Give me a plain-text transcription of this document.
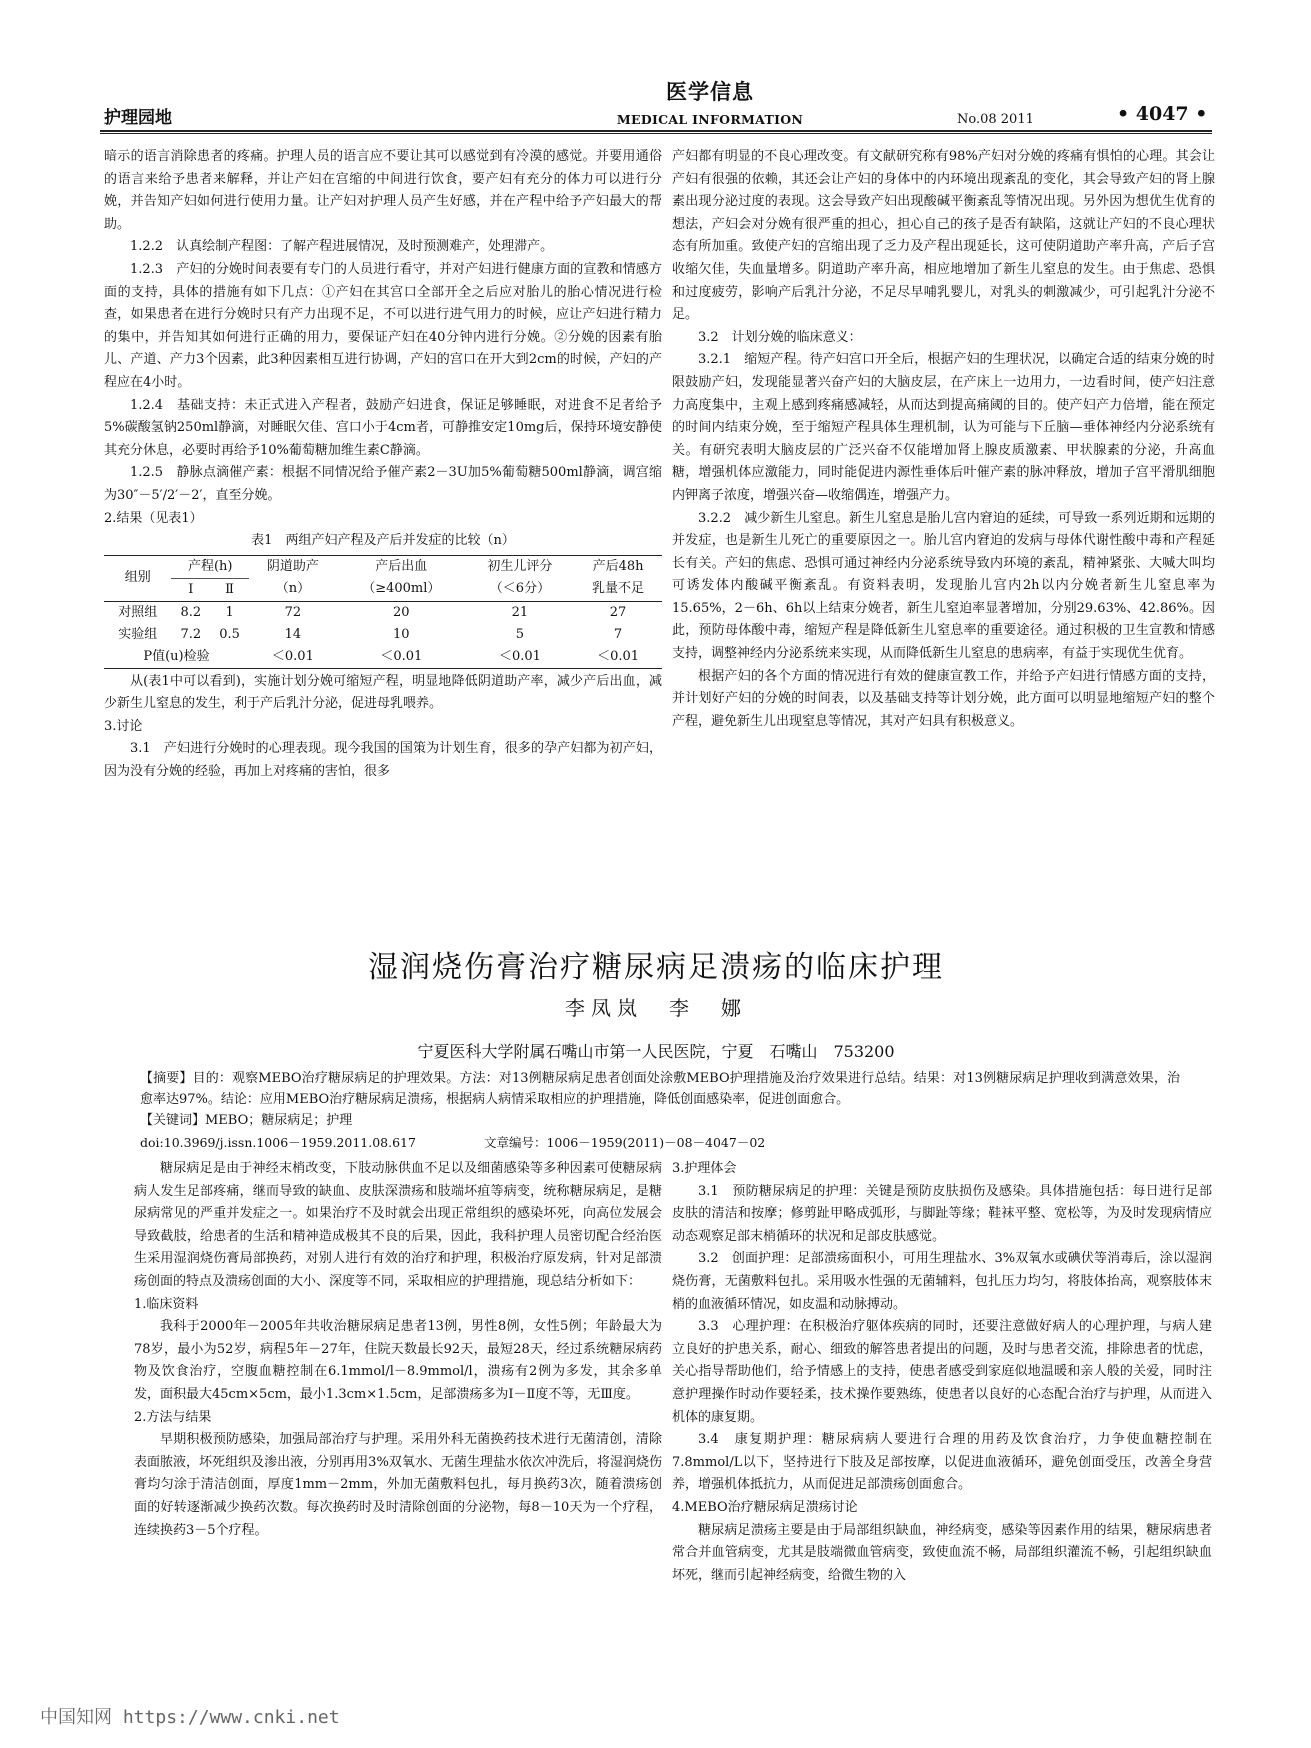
医学信息
MEDICAL INFORMATION
护理园地	No.08 2011	• 4047 •

暗示的语言消除患者的疼痛。护理人员的语言应不要让其可以感觉到有冷漠的感觉。并要用通俗的语言来给予患者来解释，并让产妇在宫缩的中间进行饮食，要产妇有充分的体力可以进行分娩，并告知产妇如何进行使用力量。让产妇对护理人员产生好感，并在产程中给予产妇最大的帮助。

1.2.2　认真绘制产程图：了解产程进展情况，及时预测难产，处理滞产。

1.2.3　产妇的分娩时间表要有专门的人员进行看守，并对产妇进行健康方面的宣教和情感方面的支持，具体的措施有如下几点：①产妇在其宫口全部开全之后应对胎儿的胎心情况进行检查，如果患者在进行分娩时只有产力出现不足，不可以进行进气用力的时候，应让产妇进行精力的集中，并告知其如何进行正确的用力，要保证产妇在40分钟内进行分娩。②分娩的因素有胎儿、产道、产力3个因素，此3种因素相互进行协调，产妇的宫口在开大到2cm的时候，产妇的产程应在4小时。

1.2.4　基础支持：未正式进入产程者，鼓励产妇进食，保证足够睡眠，对进食不足者给予5%碳酸氢钠250ml静滴，对睡眠欠佳、宫口小于4cm者，可静推安定10mg后，保持环境安静使其充分休息，必要时再给予10%葡萄糖加维生素C静滴。

1.2.5　静脉点滴催产素：根据不同情况给予催产素2－3U加5%葡萄糖500ml静滴，调宫缩为30″－5′/2′－2′，直至分娩。

2.结果（见表1）

表1　两组产妇产程及产后并发症的比较（n）
组别	产程(h)		阴道助产	产后出血	初生儿评分	产后48h
	Ⅰ	Ⅱ	（n）	（≥400ml）	（＜6分）	乳量不足
对照组	8.2	1	72	20	21	27
实验组	7.2	0.5	14	10	5	7
P值(u)检验			＜0.01	＜0.01	＜0.01	＜0.01

从(表1中可以看到)，实施计划分娩可缩短产程，明显地降低阴道助产率，减少产后出血，减少新生儿窒息的发生，利于产后乳汁分泌，促进母乳喂养。

3.讨论

3.1　产妇进行分娩时的心理表现。现今我国的国策为计划生育，很多的孕产妇都为初产妇，因为没有分娩的经验，再加上对疼痛的害怕，很多

产妇都有明显的不良心理改变。有文献研究称有98%产妇对分娩的疼痛有惧怕的心理。其会让产妇有很强的依赖，其还会让产妇的身体中的内环境出现紊乱的变化，其会导致产妇的肾上腺素出现分泌过度的表现。这会导致产妇出现酸碱平衡紊乱等情况出现。另外因为想优生优育的想法，产妇会对分娩有很严重的担心，担心自己的孩子是否有缺陷，这就让产妇的不良心理状态有所加重。致使产妇的宫缩出现了乏力及产程出现延长，这可使阴道助产率升高，产后子宫收缩欠佳，失血量增多。阴道助产率升高，相应地增加了新生儿窒息的发生。由于焦虑、恐惧和过度疲劳，影响产后乳汁分泌，不足尽早哺乳婴儿，对乳头的刺激减少，可引起乳汁分泌不足。

3.2　计划分娩的临床意义：

3.2.1　缩短产程。待产妇宫口开全后，根据产妇的生理状况，以确定合适的结束分娩的时限鼓励产妇，发现能显著兴奋产妇的大脑皮层，在产床上一边用力，一边看时间，使产妇注意力高度集中，主观上感到疼痛感减轻，从而达到提高痛阈的目的。使产妇产力倍增，能在预定的时间内结束分娩，至于缩短产程具体生理机制，认为可能与下丘脑—垂体神经内分泌系统有关。有研究表明大脑皮层的广泛兴奋不仅能增加肾上腺皮质激素、甲状腺素的分泌，升高血糖，增强机体应激能力，同时能促进内源性垂体后叶催产素的脉冲释放，增加子宫平滑肌细胞内钾离子浓度，增强兴奋—收缩偶连，增强产力。

3.2.2　减少新生儿窒息。新生儿窒息是胎儿宫内窘迫的延续，可导致一系列近期和远期的并发症，也是新生儿死亡的重要原因之一。胎儿宫内窘迫的发病与母体代谢性酸中毒和产程延长有关。产妇的焦虑、恐惧可通过神经内分泌系统导致内环境的紊乱，精神紧张、大喊大叫均可诱发体内酸碱平衡紊乱。有资料表明，发现胎儿宫内2h以内分娩者新生儿窒息率为15.65%，2－6h、6h以上结束分娩者，新生儿窒迫率显著增加，分别29.63%、42.86%。因此，预防母体酸中毒，缩短产程是降低新生儿窒息率的重要途径。通过积极的卫生宣教和情感支持，调整神经内分泌系统来实现，从而降低新生儿窒息的患病率，有益于实现优生优育。

根据产妇的各个方面的情况进行有效的健康宣教工作，并给予产妇进行情感方面的支持，并计划好产妇的分娩的时间表，以及基础支持等计划分娩，此方面可以明显地缩短产妇的整个产程，避免新生儿出现窒息等情况，其对产妇具有积极意义。

湿润烧伤膏治疗糖尿病足溃疡的临床护理
李凤岚　李　娜
宁夏医科大学附属石嘴山市第一人民医院，宁夏　石嘴山　753200

【摘要】目的：观察MEBO治疗糖尿病足的护理效果。方法：对13例糖尿病足患者创面处涂敷MEBO护理措施及治疗效果进行总结。结果：对13例糖尿病足护理收到满意效果，治愈率达97%。结论：应用MEBO治疗糖尿病足溃疡，根据病人病情采取相应的护理措施，降低创面感染率，促进创面愈合。

【关键词】MEBO；糖尿病足；护理

doi:10.3969/j.issn.1006－1959.2011.08.617	文章编号：1006－1959(2011)－08－4047－02

糖尿病足是由于神经末梢改变，下肢动脉供血不足以及细菌感染等多种因素可使糖尿病病人发生足部疼痛，继而导致的缺血、皮肤深溃疡和肢端坏疽等病变，统称糖尿病足，是糖尿病常见的严重并发症之一。如果治疗不及时就会出现正常组织的感染坏死，向高位发展会导致截肢，给患者的生活和精神造成极其不良的后果，因此，我科护理人员密切配合经治医生采用湿润烧伤膏局部换药，对别人进行有效的治疗和护理，积极治疗原发病，针对足部溃疡创面的特点及溃疡创面的大小、深度等不同，采取相应的护理措施，现总结分析如下：

1.临床资料

我科于2000年－2005年共收治糖尿病足患者13例，男性8例，女性5例；年龄最大为78岁，最小为52岁，病程5年－27年，住院天数最长92天，最短28天，经过系统糖尿病药物及饮食治疗，空腹血糖控制在6.1mmol/l－8.9mmol/l，溃疡有2例为多发，其余多单发，面积最大45cm×5cm，最小1.3cm×1.5cm，足部溃疡多为Ⅰ－Ⅱ度不等，无Ⅲ度。

2.方法与结果

早期积极预防感染，加强局部治疗与护理。采用外科无菌换药技术进行无菌清创，清除表面脓液，坏死组织及渗出液，分别再用3%双氧水、无菌生理盐水依次冲洗后，将湿润烧伤膏均匀涂于清洁创面，厚度1mm－2mm，外加无菌敷料包扎，每月换药3次，随着溃疡创面的好转逐渐减少换药次数。每次换药时及时清除创面的分泌物，每8－10天为一个疗程，连续换药3－5个疗程。

3.护理体会

3.1　预防糖尿病足的护理：关键是预防皮肤损伤及感染。具体措施包括：每日进行足部皮肤的清洁和按摩；修剪趾甲略成弧形，与脚趾等缘；鞋袜平整、宽松等，为及时发现病情应动态观察足部末梢循环的状况和足部皮肤感觉。

3.2　创面护理：足部溃疡面积小，可用生理盐水、3%双氧水或碘伏等消毒后，涂以湿润烧伤膏，无菌敷料包扎。采用吸水性强的无菌辅料，包扎压力均匀，将肢体抬高，观察肢体末梢的血液循环情况，如皮温和动脉搏动。

3.3　心理护理：在积极治疗躯体疾病的同时，还要注意做好病人的心理护理，与病人建立良好的护患关系，耐心、细致的解答患者提出的问题，及时与患者交流，排除患者的忧虑，关心指导帮助他们，给予情感上的支持，使患者感受到家庭似地温暖和亲人般的关爱，同时注意护理操作时动作要轻柔，技术操作要熟练，使患者以良好的心态配合治疗与护理，从而进入机体的康复期。

3.4　康复期护理：糖尿病病人要进行合理的用药及饮食治疗，力争使血糖控制在7.8mmol/L以下，坚持进行下肢及足部按摩，以促进血液循环，避免创面受压，改善全身营养，增强机体抵抗力，从而促进足部溃疡创面愈合。

4.MEBO治疗糖尿病足溃疡讨论

糖尿病足溃疡主要是由于局部组织缺血，神经病变，感染等因素作用的结果，糖尿病患者常合并血管病变，尤其是肢端微血管病变，致使血流不畅，局部组织灌流不畅，引起组织缺血坏死，继而引起神经病变，给微生物的入

中国知网 https://www.cnki.net
